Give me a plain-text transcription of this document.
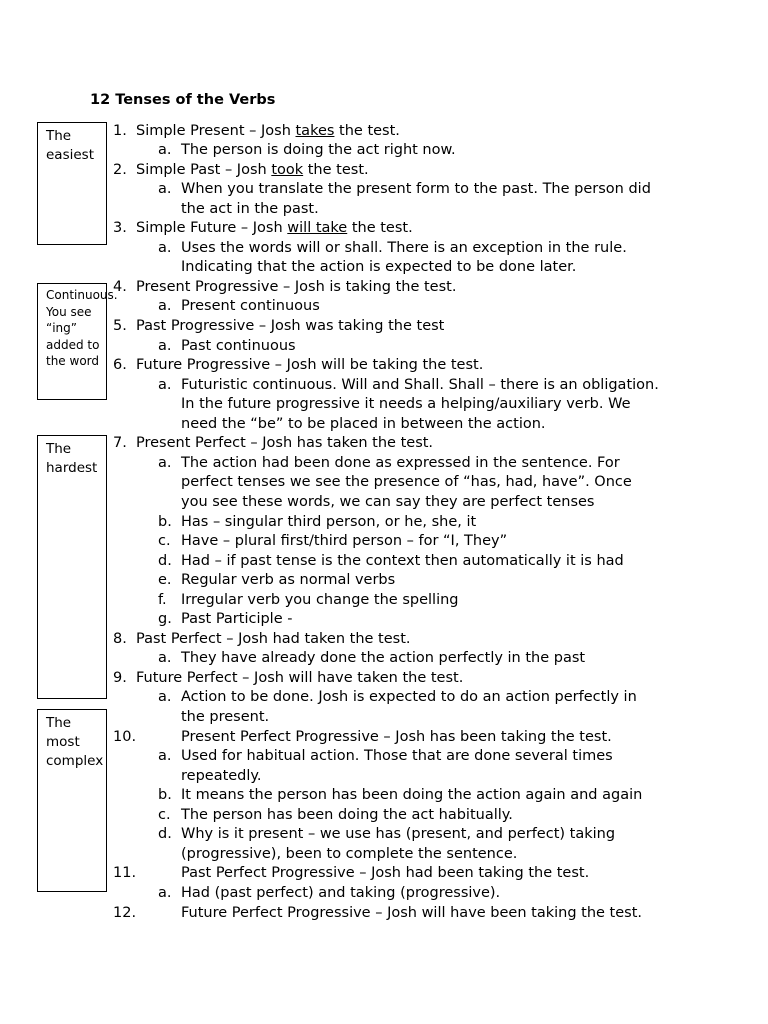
12 Tenses of the Verbs
The easiest
Continuous. You see “ing” added to the word
The hardest
The most complex
1. Simple Present – Josh takes the test.
a. The person is doing the act right now.
2. Simple Past – Josh took the test.
a. When you translate the present form to the past. The person did
the act in the past.
3. Simple Future – Josh will take the test.
a. Uses the words will or shall. There is an exception in the rule.
Indicating that the action is expected to be done later.
4. Present Progressive – Josh is taking the test.
a. Present continuous
5. Past Progressive – Josh was taking the test
a. Past continuous
6. Future Progressive – Josh will be taking the test.
a. Futuristic continuous. Will and Shall. Shall – there is an obligation.
In the future progressive it needs a helping/auxiliary verb. We
need the “be” to be placed in between the action.
7. Present Perfect – Josh has taken the test.
a. The action had been done as expressed in the sentence. For
perfect tenses we see the presence of “has, had, have”. Once
you see these words, we can say they are perfect tenses
b. Has – singular third person, or he, she, it
c. Have – plural first/third person – for “I, They”
d. Had – if past tense is the context then automatically it is had
e. Regular verb as normal verbs
f. Irregular verb you change the spelling
g. Past Participle -
8. Past Perfect – Josh had taken the test.
a. They have already done the action perfectly in the past
9. Future Perfect – Josh will have taken the test.
a. Action to be done. Josh is expected to do an action perfectly in
the present.
10.	Present Perfect Progressive – Josh has been taking the test.
a. Used for habitual action. Those that are done several times
repeatedly.
b. It means the person has been doing the action again and again
c. The person has been doing the act habitually.
d. Why is it present – we use has (present, and perfect) taking
(progressive), been to complete the sentence.
11.	Past Perfect Progressive – Josh had been taking the test.
a. Had (past perfect) and taking (progressive).
12.	Future Perfect Progressive – Josh will have been taking the test.
